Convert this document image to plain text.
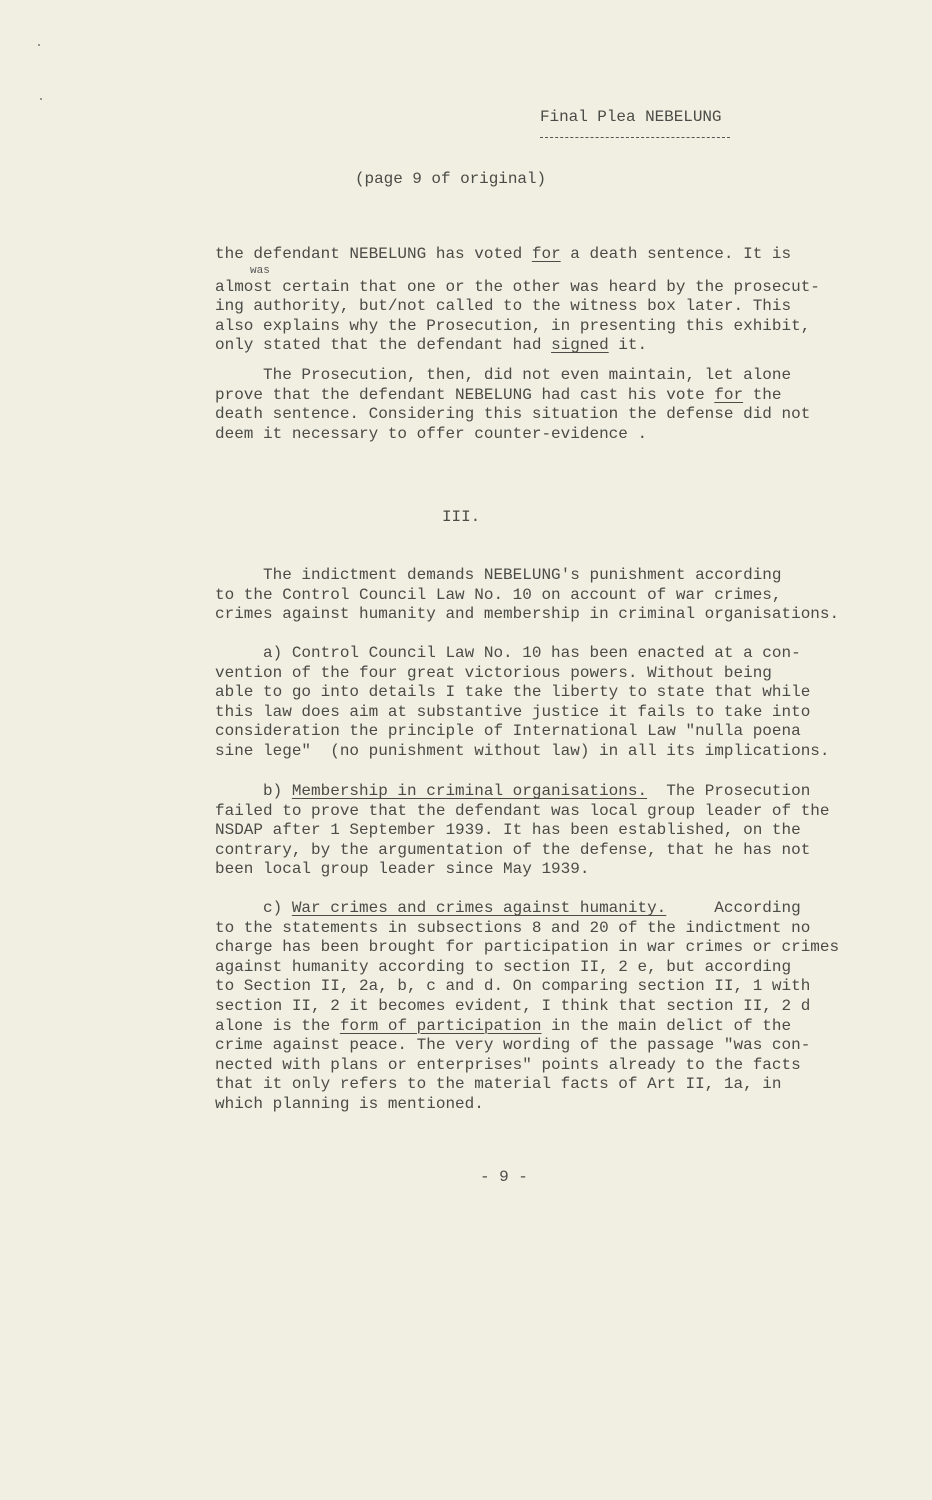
Final Plea NEBELUNG
(page 9 of original)
was
the defendant NEBELUNG has voted for a death sentence. It is
almost certain that one or the other was heard by the prosecut-
ing authority, but/not called to the witness box later. This
also explains why the Prosecution, in presenting this exhibit,
only stated that the defendant had signed it.
The Prosecution, then, did not even maintain, let alone
prove that the defendant NEBELUNG had cast his vote for the
death sentence. Considering this situation the defense did not
deem it necessary to offer counter-evidence .
III.
The indictment demands NEBELUNG's punishment according
to the Control Council Law No. 10 on account of war crimes,
crimes against humanity and membership in criminal organisations.
a) Control Council Law No. 10 has been enacted at a con-
vention of the four great victorious powers. Without being
able to go into details I take the liberty to state that while
this law does aim at substantive justice it fails to take into
consideration the principle of International Law "nulla poena
sine lege"  (no punishment without law) in all its implications.
b) Membership in criminal organisations.  The Prosecution
failed to prove that the defendant was local group leader of the
NSDAP after 1 September 1939. It has been established, on the
contrary, by the argumentation of the defense, that he has not
been local group leader since May 1939.
c) War crimes and crimes against humanity.     According
to the statements in subsections 8 and 20 of the indictment no
charge has been brought for participation in war crimes or crimes
against humanity according to section II, 2 e, but according
to Section II, 2a, b, c and d. On comparing section II, 1 with
section II, 2 it becomes evident, I think that section II, 2 d
alone is the form of participation in the main delict of the
crime against peace. The very wording of the passage "was con-
nected with plans or enterprises" points already to the facts
that it only refers to the material facts of Art II, 1a, in
which planning is mentioned.
- 9 -
